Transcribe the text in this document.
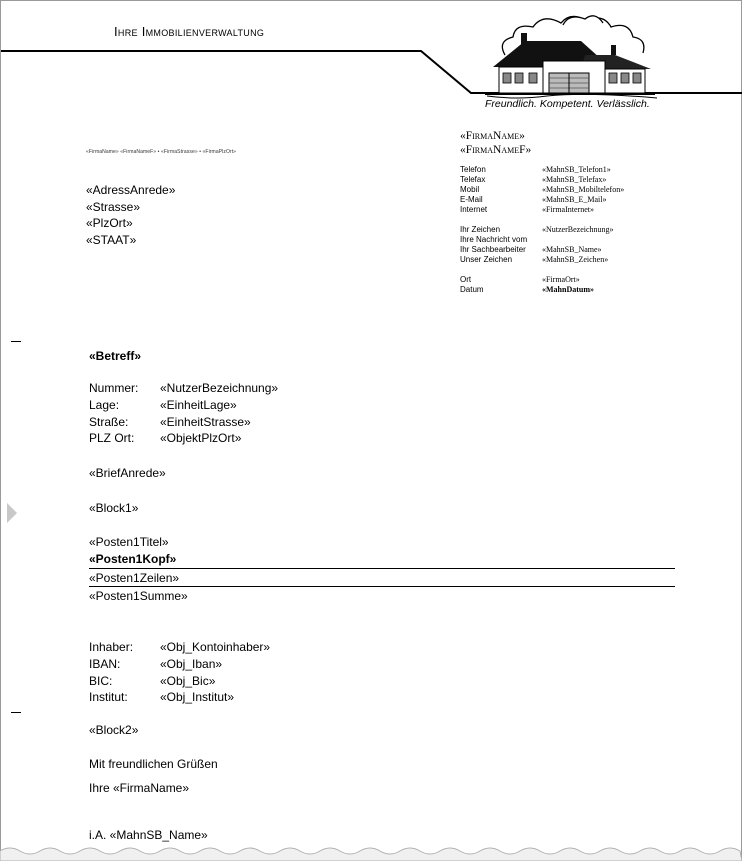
Ihre Immobilienverwaltung
Freundlich. Kompetent. Verlässlich.
«FirmaName» «FirmaNameF» • «FirmaStrasse» • «FirmaPlzOrt»
«AdressAnrede»
«Strasse»
«PlzOrt»
«STAAT»
«FirmaName»
«FirmaNameF»
Telefon	«MahnSB_Telefon1»
Telefax	«MahnSB_Telefax»
Mobil	«MahnSB_Mobiltelefon»
E-Mail	«MahnSB_E_Mail»
Internet	«FirmaInternet»
Ihr Zeichen	«NutzerBezeichnung»
Ihre Nachricht vom
Ihr Sachbearbeiter	«MahnSB_Name»
Unser Zeichen	«MahnSB_Zeichen»
Ort	«FirmaOrt»
Datum	«MahnDatum»
«Betreff»
Nummer:	«NutzerBezeichnung»
Lage:	«EinheitLage»
Straße:	«EinheitStrasse»
PLZ Ort:	«ObjektPlzOrt»
«BriefAnrede»
«Block1»
«Posten1Titel»
«Posten1Kopf»
«Posten1Zeilen»
«Posten1Summe»
Inhaber:	«Obj_Kontoinhaber»
IBAN:	«Obj_Iban»
BIC:	«Obj_Bic»
Institut:	«Obj_Institut»
«Block2»
Mit freundlichen Grüßen
Ihre «FirmaName»
i.A. «MahnSB_Name»
